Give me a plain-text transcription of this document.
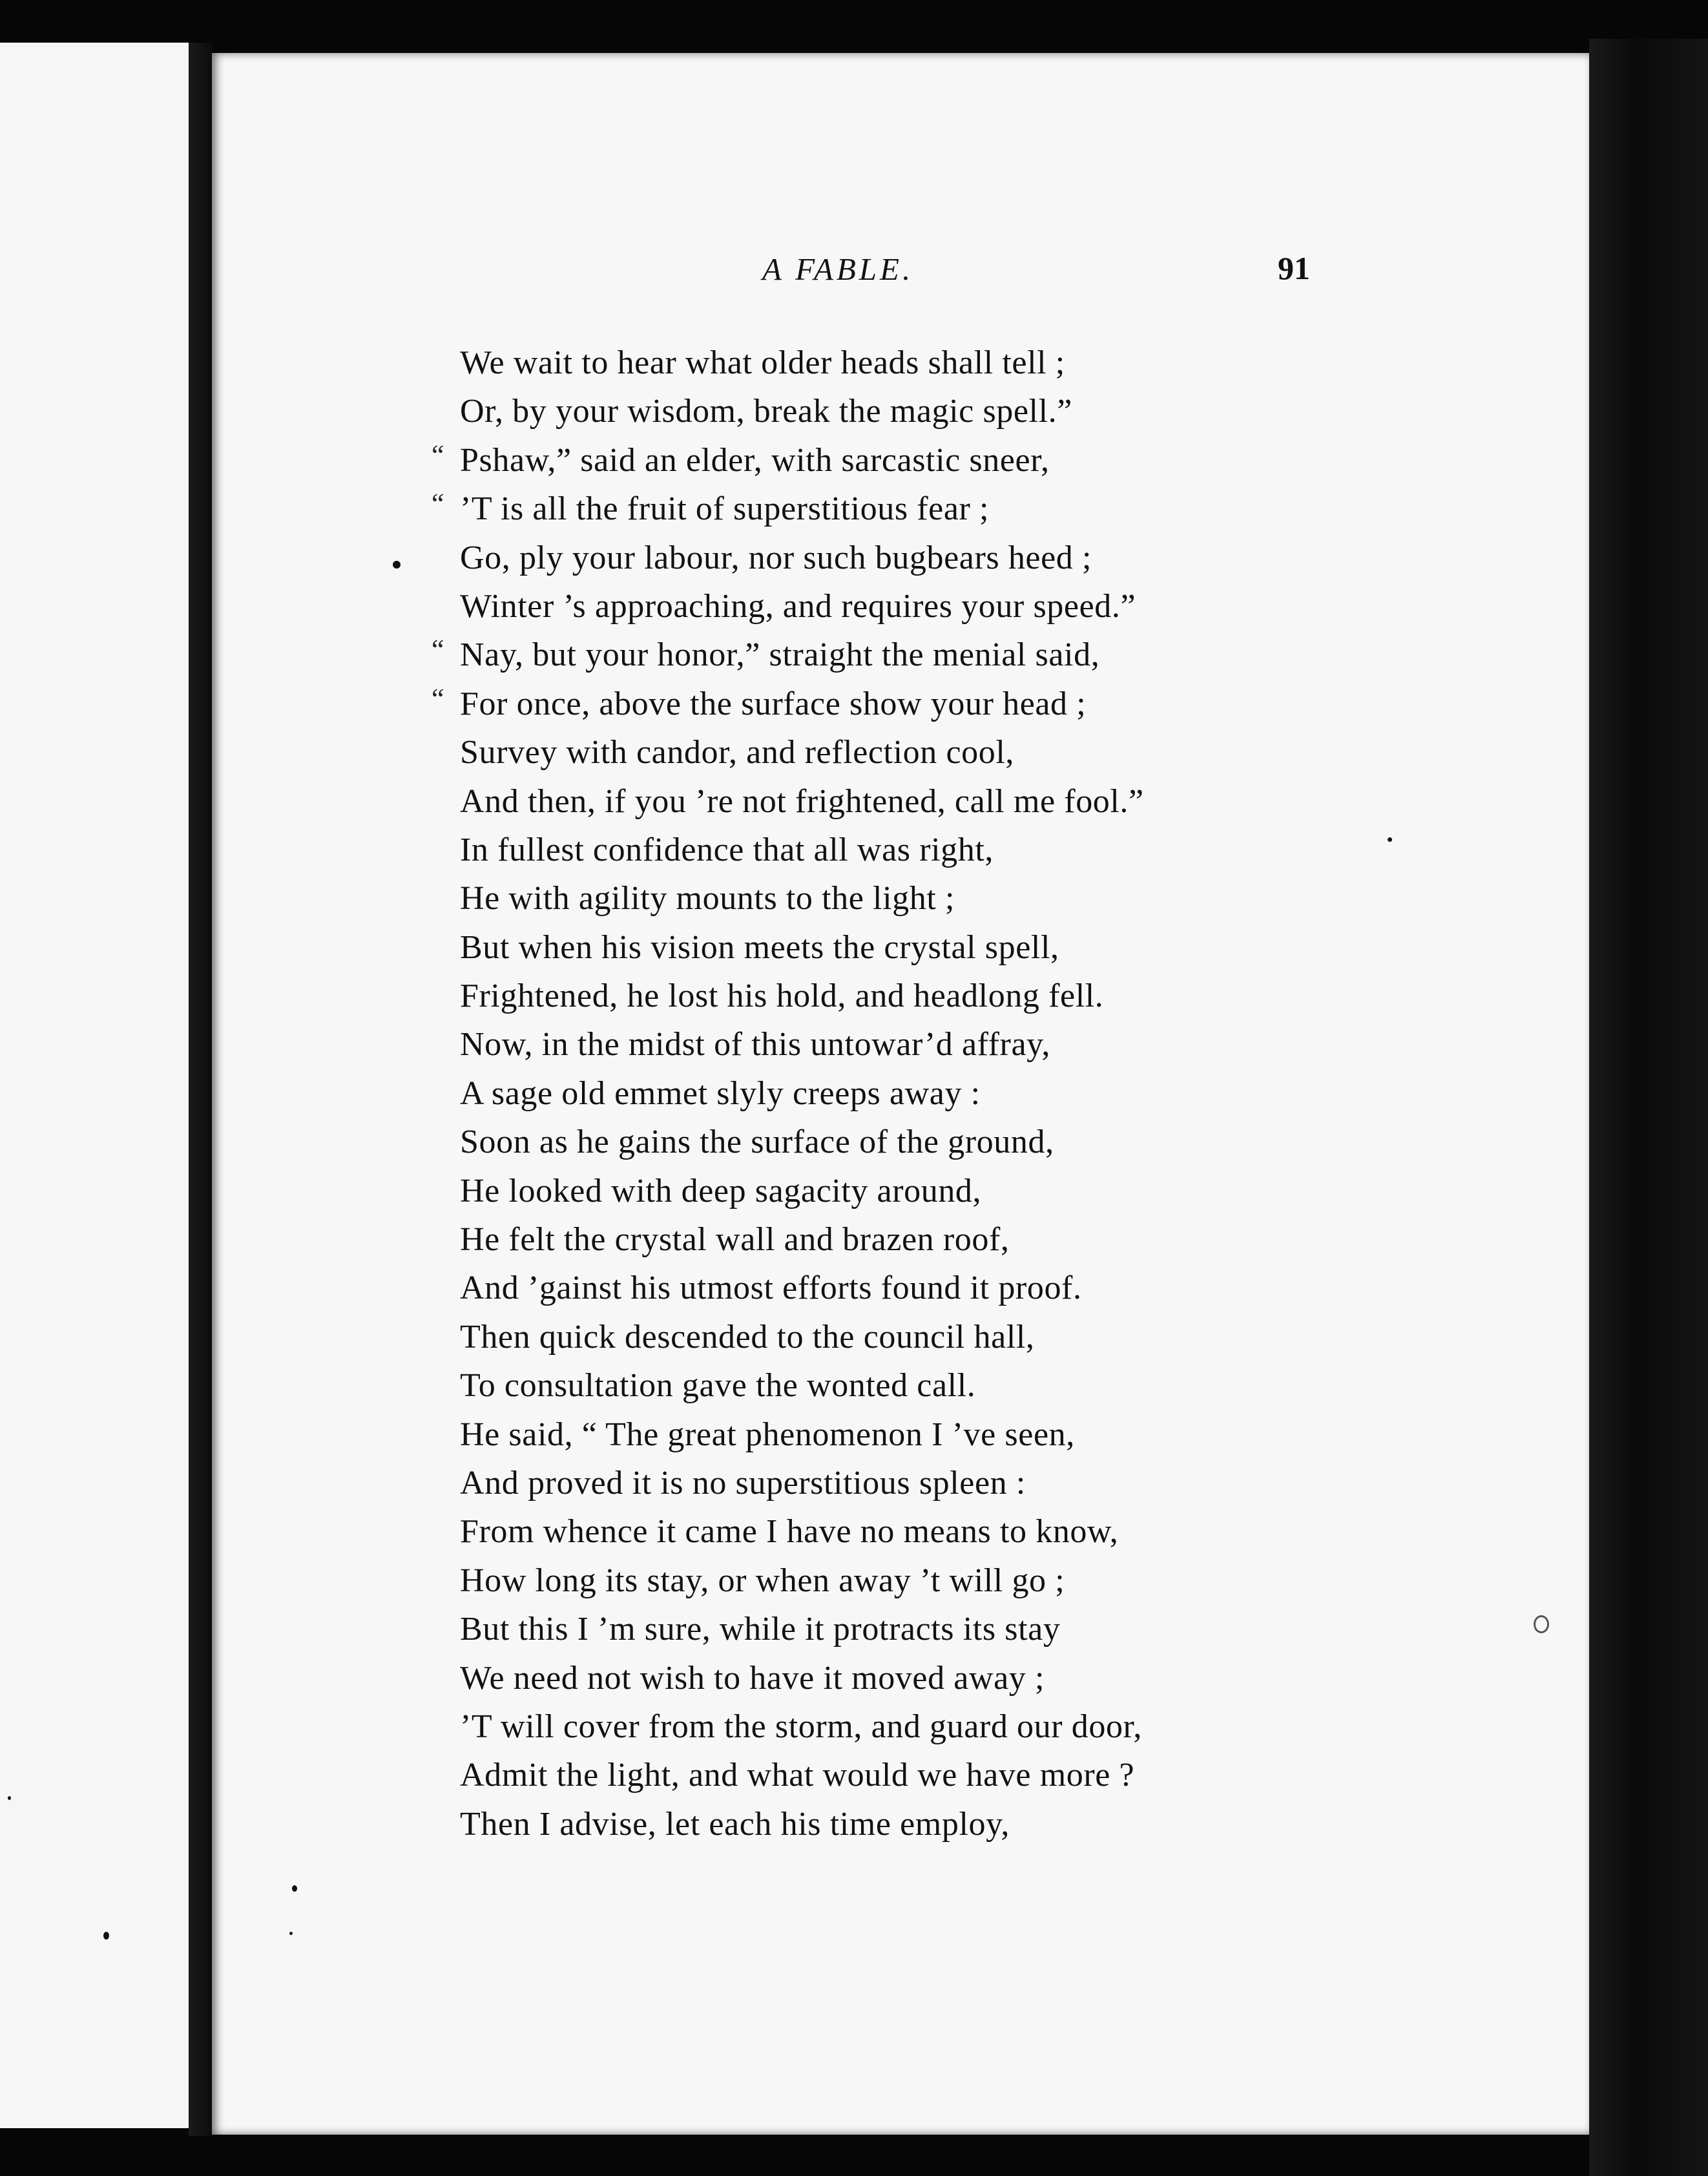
A FABLE.	91
We wait to hear what older heads shall tell ;
Or, by your wisdom, break the magic spell.”
“ Pshaw,” said an elder, with sarcastic sneer,
“ ’T is all the fruit of superstitious fear ;
Go, ply your labour, nor such bugbears heed ;
Winter ’s approaching, and requires your speed.”
“ Nay, but your honor,” straight the menial said,
“ For once, above the surface show your head ;
Survey with candor, and reflection cool,
And then, if you ’re not frightened, call me fool.”
In fullest confidence that all was right,
He with agility mounts to the light ;
But when his vision meets the crystal spell,
Frightened, he lost his hold, and headlong fell.
Now, in the midst of this untowar’d affray,
A sage old emmet slyly creeps away :
Soon as he gains the surface of the ground,
He looked with deep sagacity around,
He felt the crystal wall and brazen roof,
And ’gainst his utmost efforts found it proof.
Then quick descended to the council hall,
To consultation gave the wonted call.
He said, “ The great phenomenon I ’ve seen,
And proved it is no superstitious spleen :
From whence it came I have no means to know,
How long its stay, or when away ’t will go ;
But this I ’m sure, while it protracts its stay
We need not wish to have it moved away ;
’T will cover from the storm, and guard our door,
Admit the light, and what would we have more ?
Then I advise, let each his time employ,
